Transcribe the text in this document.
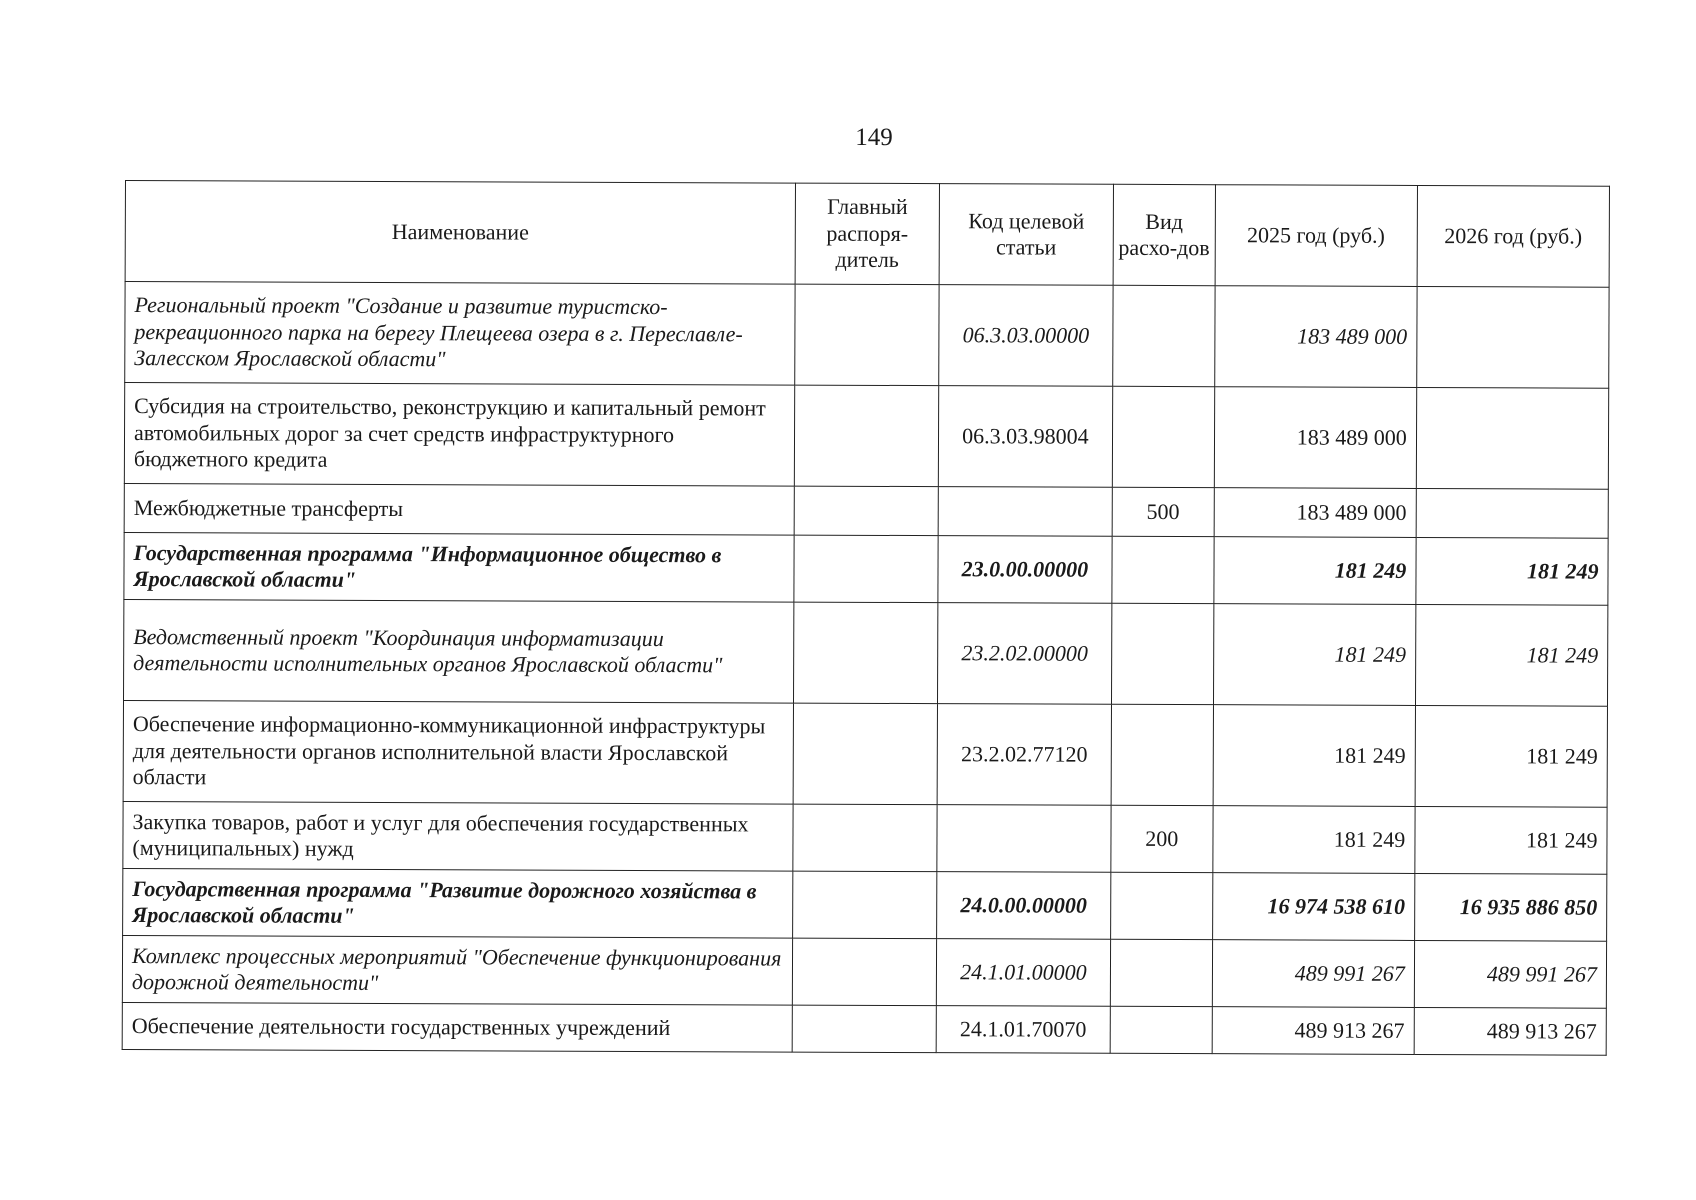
149
Наименование	Главный распоря-дитель	Код целевой статьи	Вид расхо-дов	2025 год (руб.)	2026 год (руб.)
Региональный проект "Создание и развитие туристско-рекреационного парка на берегу Плещеева озера в г. Переславле-Залесском Ярославской области"		06.3.03.00000		183 489 000	
Субсидия на строительство, реконструкцию и капитальный ремонт автомобильных дорог за счет средств инфраструктурного бюджетного кредита		06.3.03.98004		183 489 000	
Межбюджетные трансферты			500	183 489 000	
Государственная программа "Информационное общество в Ярославской области"		23.0.00.00000		181 249	181 249
Ведомственный проект "Координация информатизации деятельности исполнительных органов Ярославской области"		23.2.02.00000		181 249	181 249
Обеспечение информационно-коммуникационной инфраструктуры для деятельности органов исполнительной власти Ярославской области		23.2.02.77120		181 249	181 249
Закупка товаров, работ и услуг для обеспечения государственных (муниципальных) нужд			200	181 249	181 249
Государственная программа "Развитие дорожного хозяйства в Ярославской области"		24.0.00.00000		16 974 538 610	16 935 886 850
Комплекс процессных мероприятий "Обеспечение функционирования дорожной деятельности"		24.1.01.00000		489 991 267	489 991 267
Обеспечение деятельности государственных учреждений		24.1.01.70070		489 913 267	489 913 267
